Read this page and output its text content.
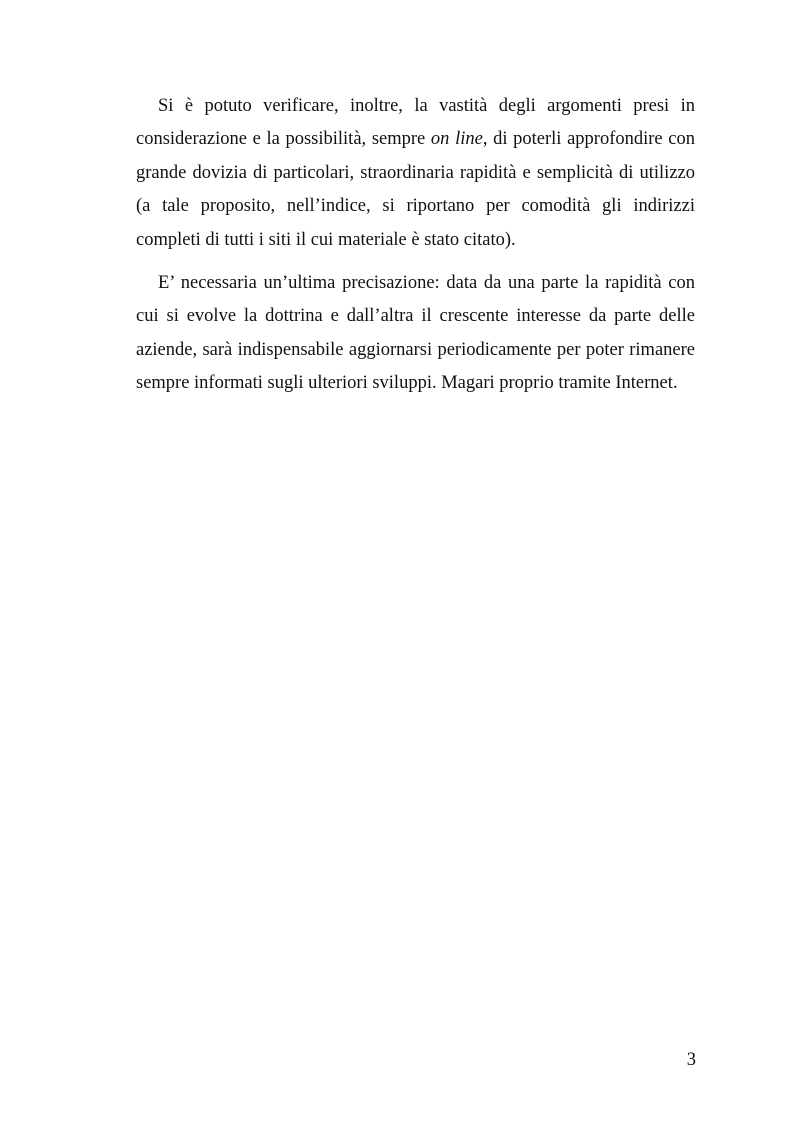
Si è potuto verificare, inoltre, la vastità degli argomenti presi in considerazione e la possibilità, sempre on line, di poterli approfondire con grande dovizia di particolari, straordinaria rapidità e semplicità di utilizzo (a tale proposito, nell’indice, si riportano per comodità gli indirizzi completi di tutti i siti il cui materiale è stato citato).

E’ necessaria un’ultima precisazione: data da una parte la rapidità con cui si evolve la dottrina e dall’altra il crescente interesse da parte delle aziende, sarà indispensabile aggiornarsi periodicamente per poter rimanere sempre informati sugli ulteriori sviluppi. Magari proprio tramite Internet.

3
